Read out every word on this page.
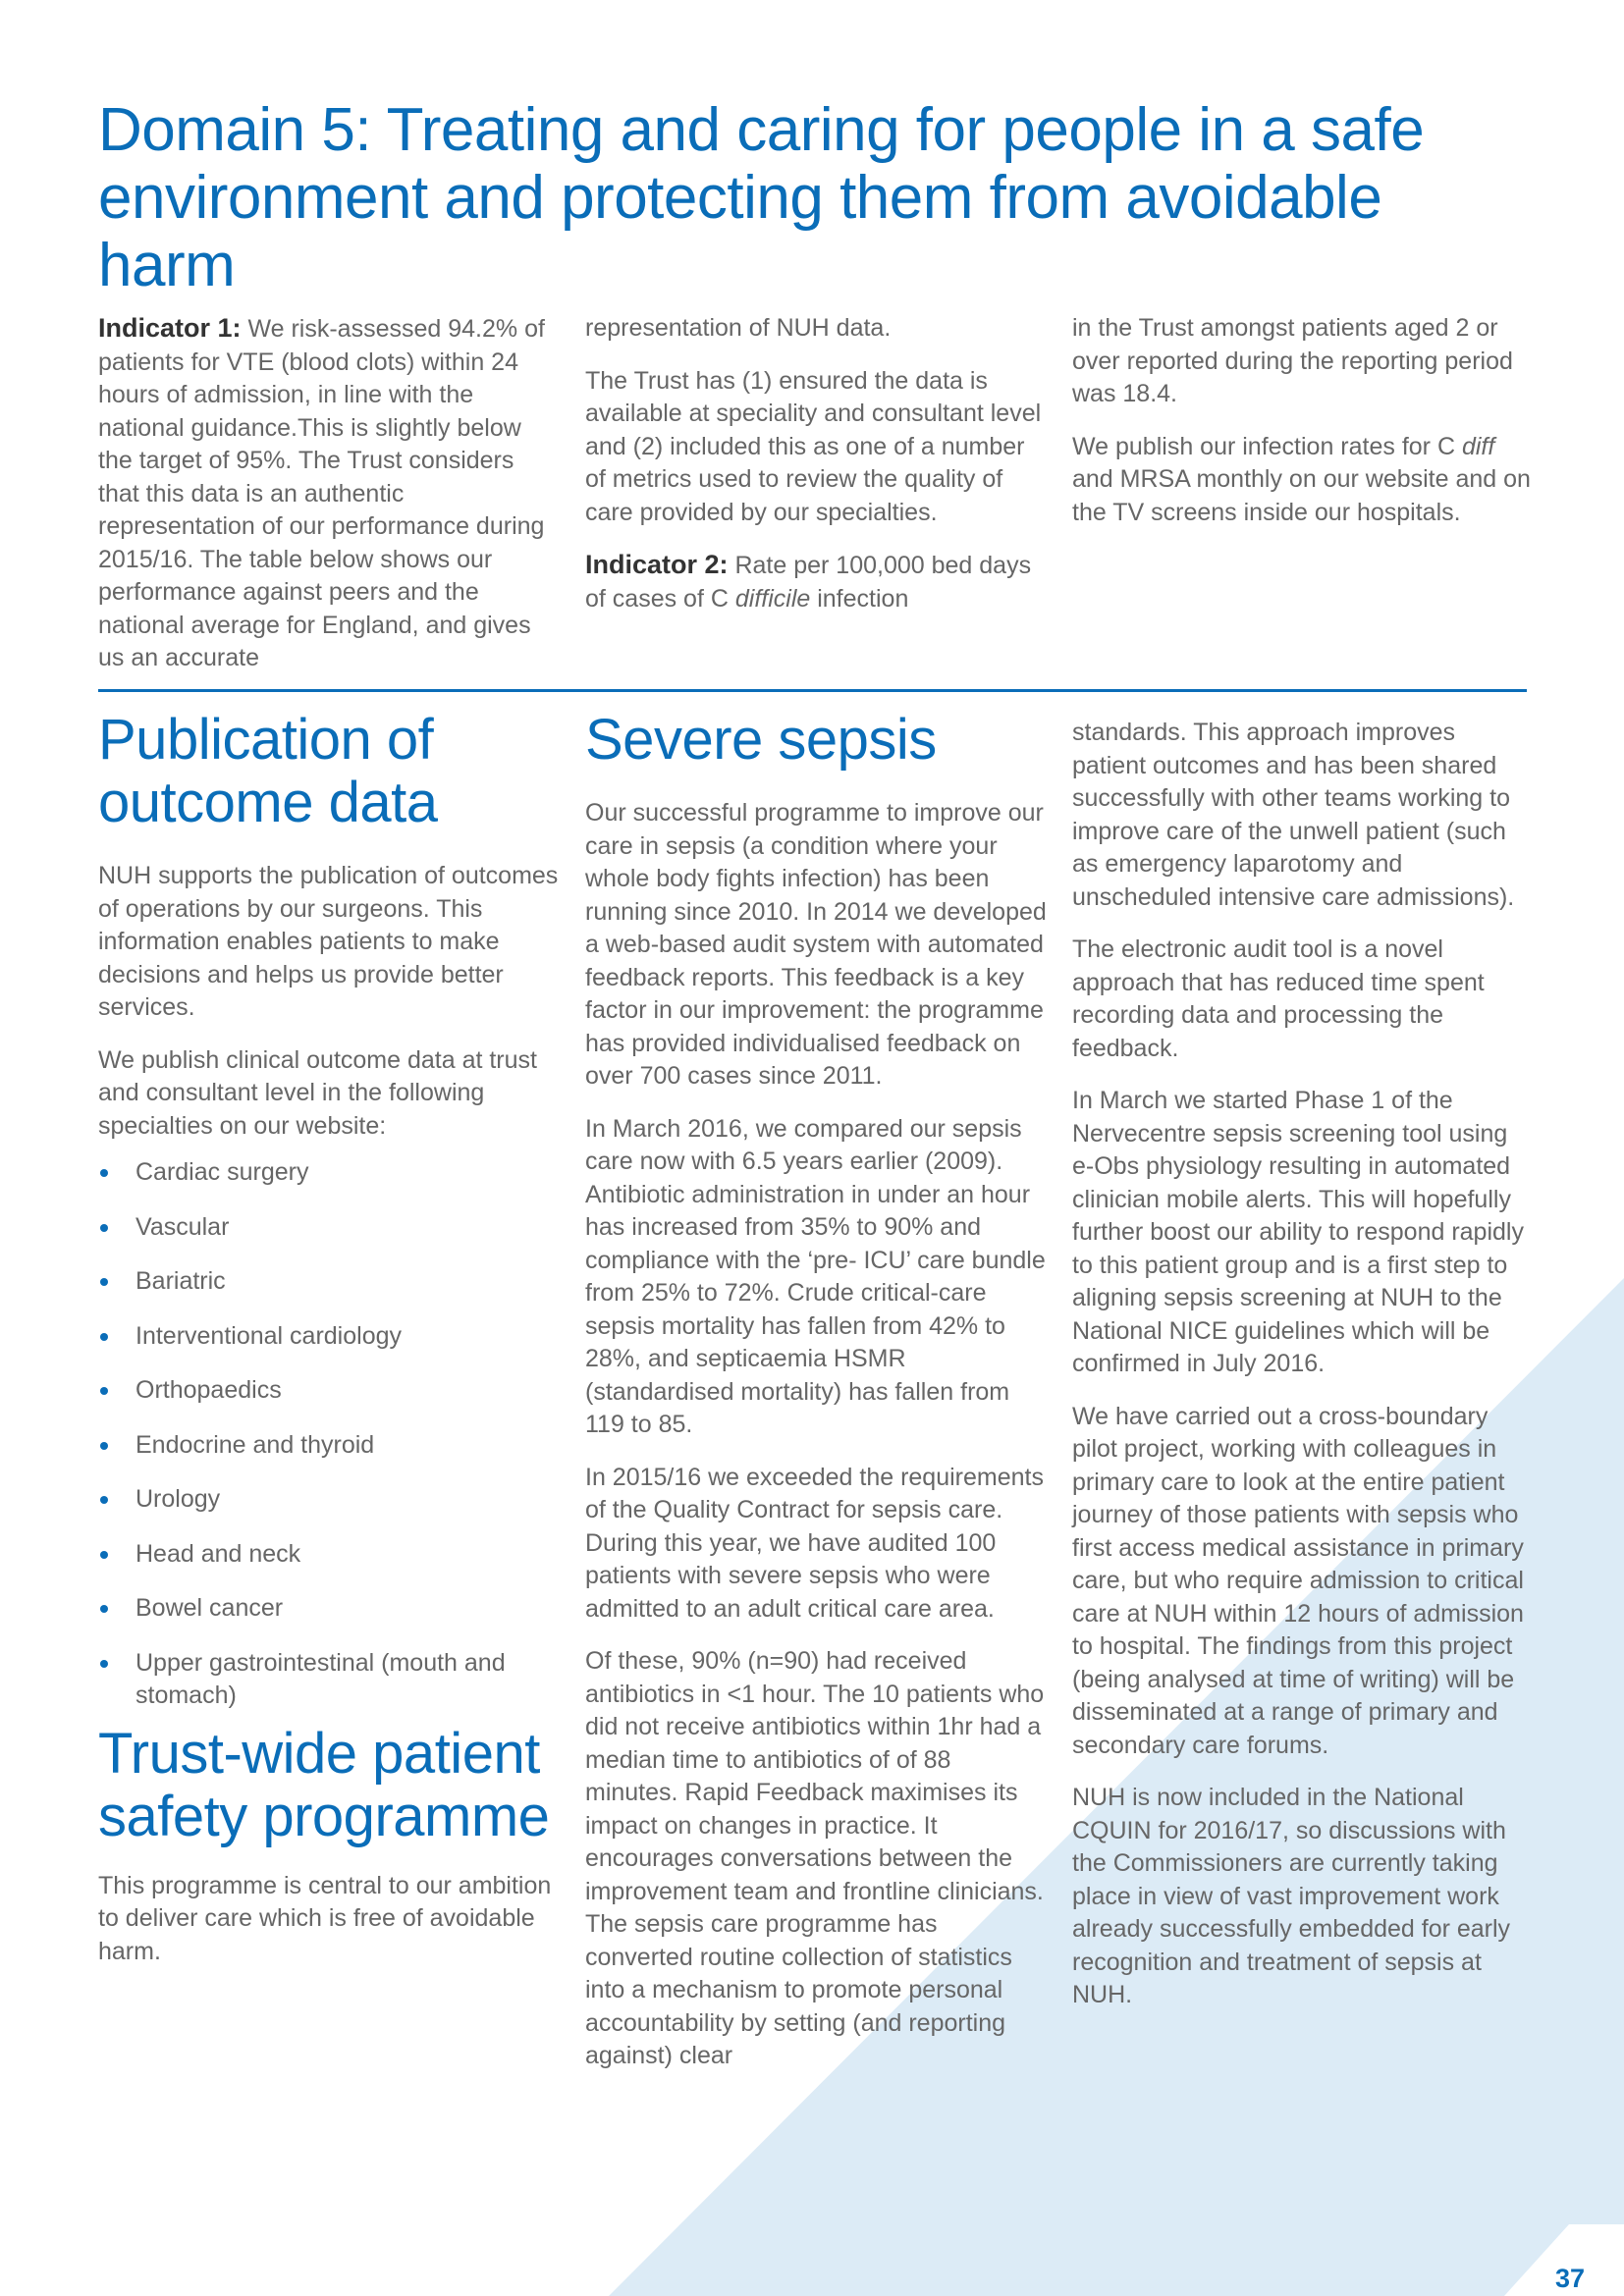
Domain 5: Treating and caring for people in a safe environment and protecting them from avoidable harm

Indicator 1: We risk-assessed 94.2% of patients for VTE (blood clots) within 24 hours of admission, in line with the national guidance.This is slightly below the target of 95%. The Trust considers that this data is an authentic representation of our performance during 2015/16. The table below shows our performance against peers and the national average for England, and gives us an accurate

representation of NUH data.

The Trust has (1) ensured the data is available at speciality and consultant level and (2) included this as one of a number of metrics used to review the quality of care provided by our specialties.

Indicator 2: Rate per 100,000 bed days of cases of C difficile infection

in the Trust amongst patients aged 2 or over reported during the reporting period was 18.4.

We publish our infection rates for C diff and MRSA monthly on our website and on the TV screens inside our hospitals.

Publication of outcome data

NUH supports the publication of outcomes of operations by our surgeons. This information enables patients to make decisions and helps us provide better services.

We publish clinical outcome data at trust and consultant level in the following specialties on our website:

Cardiac surgery
Vascular
Bariatric
Interventional cardiology
Orthopaedics
Endocrine and thyroid
Urology
Head and neck
Bowel cancer
Upper gastrointestinal (mouth and stomach)
Trust-wide patient safety programme

This programme is central to our ambition to deliver care which is free of avoidable harm.

Severe sepsis

Our successful programme to improve our care in sepsis (a condition where your whole body fights infection) has been running since 2010. In 2014 we developed a web-based audit system with automated feedback reports. This feedback is a key factor in our improvement: the programme has provided individualised feedback on over 700 cases since 2011.

In March 2016, we compared our sepsis care now with 6.5 years earlier (2009). Antibiotic administration in under an hour has increased from 35% to 90% and compliance with the ‘pre- ICU’ care bundle from 25% to 72%. Crude critical-care sepsis mortality has fallen from 42% to 28%, and septicaemia HSMR (standardised mortality) has fallen from 119 to 85.

In 2015/16 we exceeded the requirements of the Quality Contract for sepsis care. During this year, we have audited 100 patients with severe sepsis who were admitted to an adult critical care area.

Of these, 90% (n=90) had received antibiotics in <1 hour. The 10 patients who did not receive antibiotics within 1hr had a median time to antibiotics of of 88 minutes. Rapid Feedback maximises its impact on changes in practice. It encourages conversations between the improvement team and frontline clinicians. The sepsis care programme has converted routine collection of statistics into a mechanism to promote personal accountability by setting (and reporting against) clear

standards. This approach improves patient outcomes and has been shared successfully with other teams working to improve care of the unwell patient (such as emergency laparotomy and unscheduled intensive care admissions).

The electronic audit tool is a novel approach that has reduced time spent recording data and processing the feedback.

In March we started Phase 1 of the Nervecentre sepsis screening tool using e-Obs physiology resulting in automated clinician mobile alerts. This will hopefully further boost our ability to respond rapidly to this patient group and is a first step to aligning sepsis screening at NUH to the National NICE guidelines which will be confirmed in July 2016.

We have carried out a cross-boundary pilot project, working with colleagues in primary care to look at the entire patient journey of those patients with sepsis who first access medical assistance in primary care, but who require admission to critical care at NUH within 12 hours of admission to hospital. The findings from this project (being analysed at time of writing) will be disseminated at a range of primary and secondary care forums.

NUH is now included in the National CQUIN for 2016/17, so discussions with the Commissioners are currently taking place in view of vast improvement work already successfully embedded for early recognition and treatment of sepsis at NUH.

37
